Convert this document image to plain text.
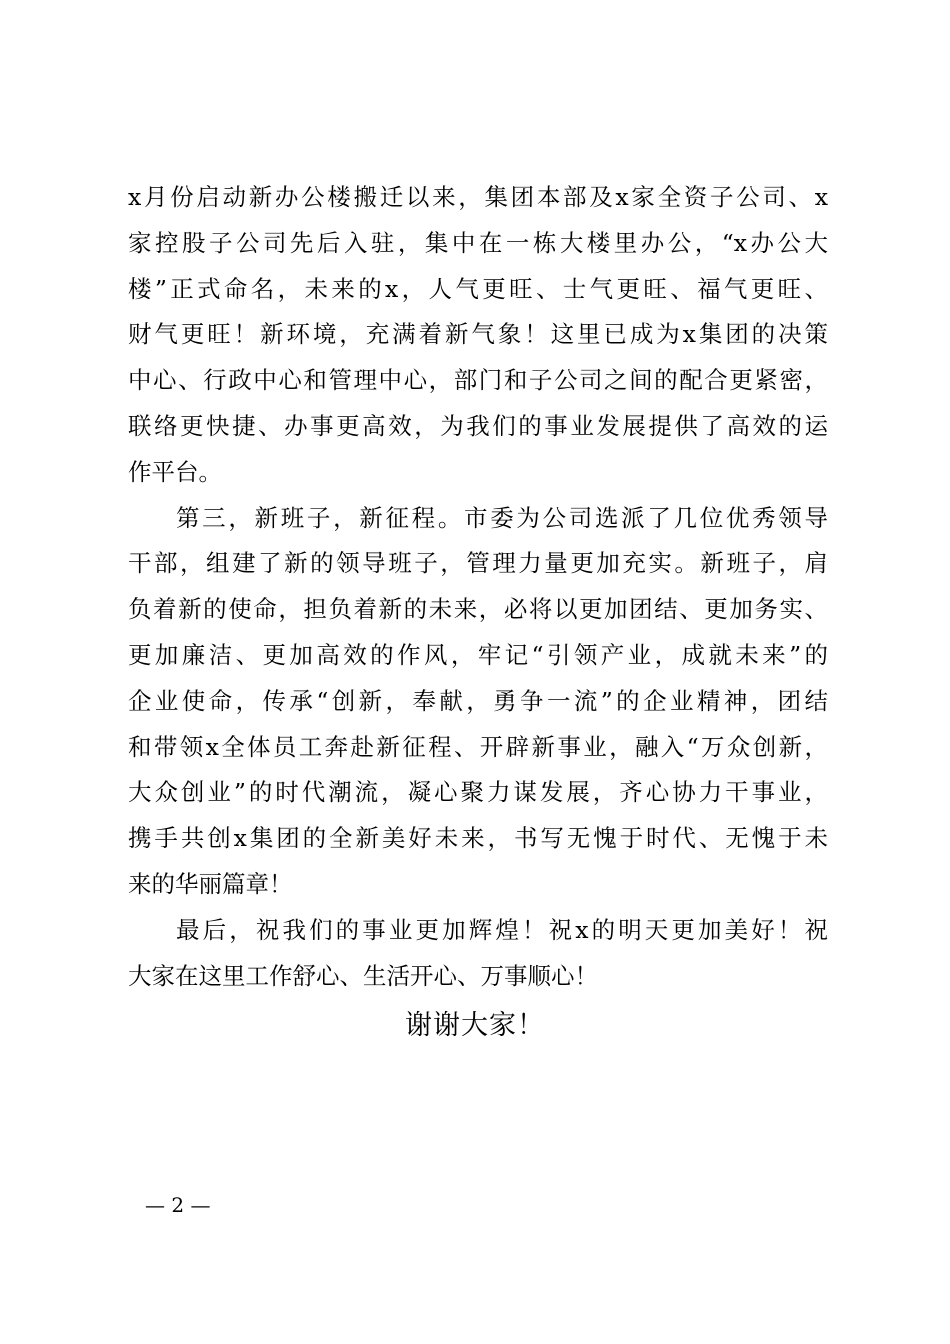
x月份启动新办公楼搬迁以来，集团本部及x家全资子公司、x
家控股子公司先后入驻，集中在一栋大楼里办公，“x办公大
楼”正式命名，未来的x，人气更旺、士气更旺、福气更旺、
财气更旺！新环境，充满着新气象！这里已成为x集团的决策
中心、行政中心和管理中心，部门和子公司之间的配合更紧密，
联络更快捷、办事更高效，为我们的事业发展提供了高效的运
作平台。
第三，新班子，新征程。市委为公司选派了几位优秀领导
干部，组建了新的领导班子，管理力量更加充实。新班子，肩
负着新的使命，担负着新的未来，必将以更加团结、更加务实、
更加廉洁、更加高效的作风，牢记“引领产业，成就未来”的
企业使命，传承“创新，奉献，勇争一流”的企业精神，团结
和带领x全体员工奔赴新征程、开辟新事业，融入“万众创新，
大众创业”的时代潮流，凝心聚力谋发展，齐心协力干事业，
携手共创x集团的全新美好未来，书写无愧于时代、无愧于未
来的华丽篇章！
最后，祝我们的事业更加辉煌！祝x的明天更加美好！祝
大家在这里工作舒心、生活开心、万事顺心！
谢谢大家！
— 2 —
